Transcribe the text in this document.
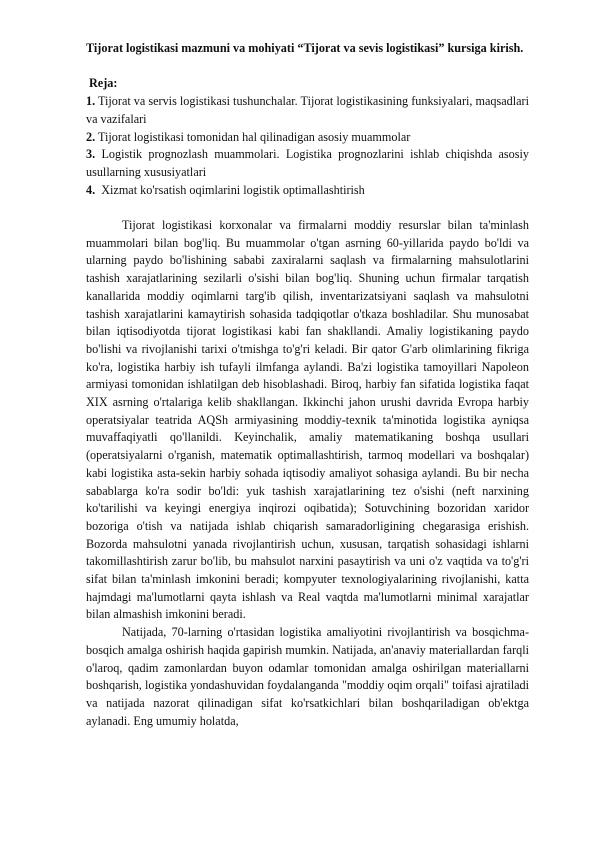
Tijorat logistikasi mazmuni va mohiyati “Tijorat va sevis logistikasi” kursiga kirish.

Reja:

1. Tijorat va servis logistikasi tushunchalar. Tijorat logistikasining funksiyalari, maqsadlari va vazifalari

2. Tijorat logistikasi tomonidan hal qilinadigan asosiy muammolar

3. Logistik prognozlash muammolari. Logistika prognozlarini ishlab chiqishda asosiy usullarning xususiyatlari

4. Xizmat ko'rsatish oqimlarini logistik optimallashtirish

Tijorat logistikasi korxonalar va firmalarni moddiy resurslar bilan ta'minlash muammolari bilan bog'liq. Bu muammolar o'tgan asrning 60-yillarida paydo bo'ldi va ularning paydo bo'lishining sababi zaxiralarni saqlash va firmalarning mahsulotlarini tashish xarajatlarining sezilarli o'sishi bilan bog'liq. Shuning uchun firmalar tarqatish kanallarida moddiy oqimlarni targ'ib qilish, inventarizatsiyani saqlash va mahsulotni tashish xarajatlarini kamaytirish sohasida tadqiqotlar o'tkaza boshladilar. Shu munosabat bilan iqtisodiyotda tijorat logistikasi kabi fan shakllandi. Amaliy logistikaning paydo bo'lishi va rivojlanishi tarixi o'tmishga to'g'ri keladi. Bir qator G'arb olimlarining fikriga ko'ra, logistika harbiy ish tufayli ilmfanga aylandi. Ba'zi logistika tamoyillari Napoleon armiyasi tomonidan ishlatilgan deb hisoblashadi. Biroq, harbiy fan sifatida logistika faqat XIX asrning o'rtalariga kelib shakllangan. Ikkinchi jahon urushi davrida Evropa harbiy operatsiyalar teatrida AQSh armiyasining moddiy-texnik ta'minotida logistika ayniqsa muvaffaqiyatli qo'llanildi. Keyinchalik, amaliy matematikaning boshqa usullari (operatsiyalarni o'rganish, matematik optimallashtirish, tarmoq modellari va boshqalar) kabi logistika asta-sekin harbiy sohada iqtisodiy amaliyot sohasiga aylandi. Bu bir necha sabablarga ko'ra sodir bo'ldi: yuk tashish xarajatlarining tez o'sishi (neft narxining ko'tarilishi va keyingi energiya inqirozi oqibatida); Sotuvchining bozoridan xaridor bozoriga o'tish va natijada ishlab chiqarish samaradorligining chegarasiga erishish. Bozorda mahsulotni yanada rivojlantirish uchun, xususan, tarqatish sohasidagi ishlarni takomillashtirish zarur bo'lib, bu mahsulot narxini pasaytirish va uni o'z vaqtida va to'g'ri sifat bilan ta'minlash imkonini beradi; kompyuter texnologiyalarining rivojlanishi, katta hajmdagi ma'lumotlarni qayta ishlash va Real vaqtda ma'lumotlarni minimal xarajatlar bilan almashish imkonini beradi.

Natijada, 70-larning o'rtasidan logistika amaliyotini rivojlantirish va bosqichma-bosqich amalga oshirish haqida gapirish mumkin. Natijada, an'anaviy materiallardan farqli o'laroq, qadim zamonlardan buyon odamlar tomonidan amalga oshirilgan materiallarni boshqarish, logistika yondashuvidan foydalanganda "moddiy oqim orqali" toifasi ajratiladi va natijada nazorat qilinadigan sifat ko'rsatkichlari bilan boshqariladigan ob'ektga aylanadi. Eng umumiy holatda,
